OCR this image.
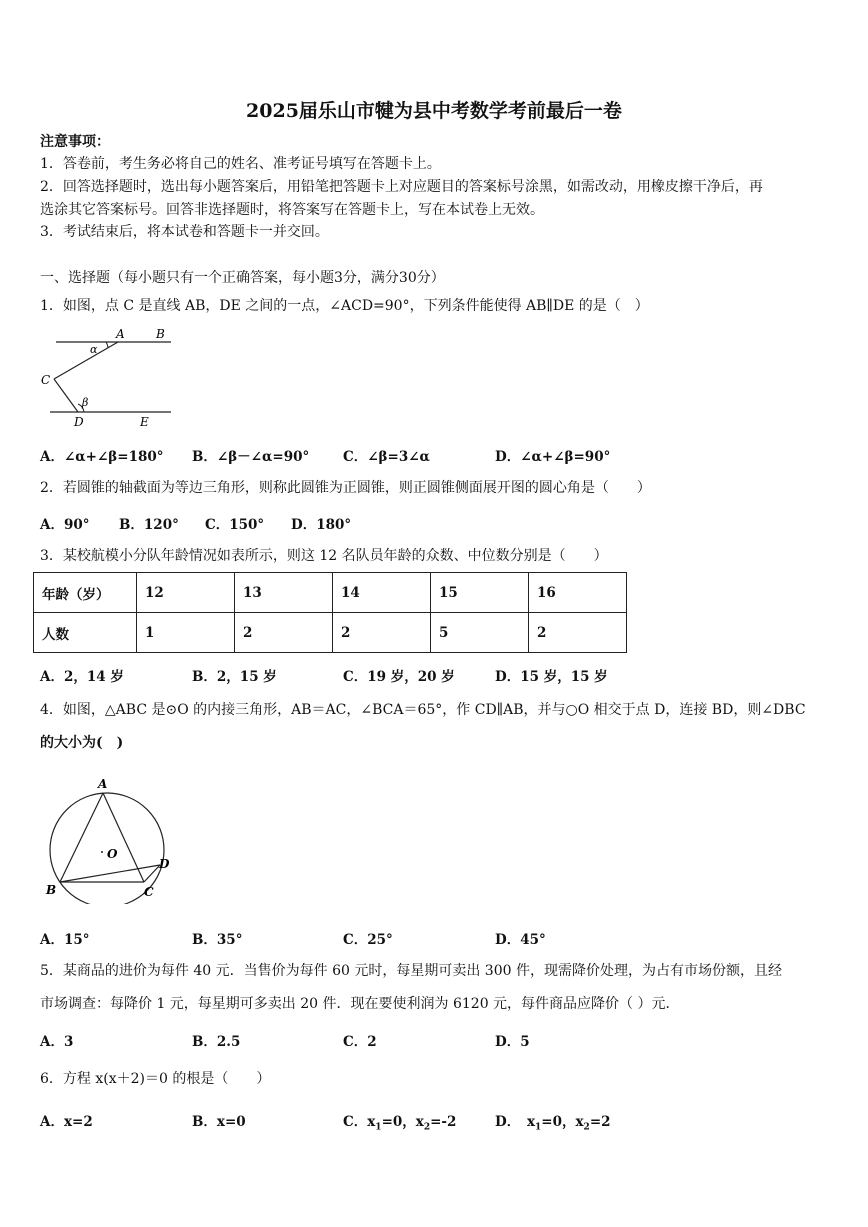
2025届乐山市犍为县中考数学考前最后一卷
注意事项：
1．答卷前，考生务必将自己的姓名、准考证号填写在答题卡上。
2．回答选择题时，选出每小题答案后，用铅笔把答题卡上对应题目的答案标号涂黑，如需改动，用橡皮擦干净后，再
选涂其它答案标号。回答非选择题时，将答案写在答题卡上，写在本试卷上无效。
3．考试结束后，将本试卷和答题卡一并交回。
一、选择题（每小题只有一个正确答案，每小题3分，满分30分）
1．如图，点 C 是直线 AB，DE 之间的一点，∠ACD=90°，下列条件能使得 AB∥DE 的是（　）
A	B
C
D	E
α
β
A．∠α+∠β=180° B．∠β－∠α=90°	C．∠β=3∠α	D．∠α+∠β=90°
2．若圆锥的轴截面为等边三角形，则称此圆锥为正圆锥，则正圆锥侧面展开图的圆心角是（　　）
A．90° B．120° C．150° D．180°
3．某校航模小分队年龄情况如表所示，则这 12 名队员年龄的众数、中位数分别是（　　）
年龄（岁）	12	13	14	15	16
人数	1	2	2	5	2
A．2，14 岁	B．2，15 岁	C．19 岁，20 岁	D．15 岁，15 岁
4．如图，△ABC 是⊙O 的内接三角形，AB＝AC，∠BCA＝65°，作 CD∥AB，并与○O 相交于点 D，连接 BD，则∠DBC
的大小为(　)
A
B	C
D
O
A．15°	B．35°	C．25°	D．45°
5．某商品的进价为每件 40 元．当售价为每件 60 元时，每星期可卖出 300 件，现需降价处理，为占有市场份额，且经
市场调查：每降价 1 元，每星期可多卖出 20 件．现在要使利润为 6120 元，每件商品应降价（ ）元．
A．3	B．2.5	C．2	D．5
6．方程 x(x＋2)＝0 的根是（　　）
A．x=2	B．x=0	C．$x_1=0$，$x_2=-2$	D．　$x_1=0$，$x_2=2$
